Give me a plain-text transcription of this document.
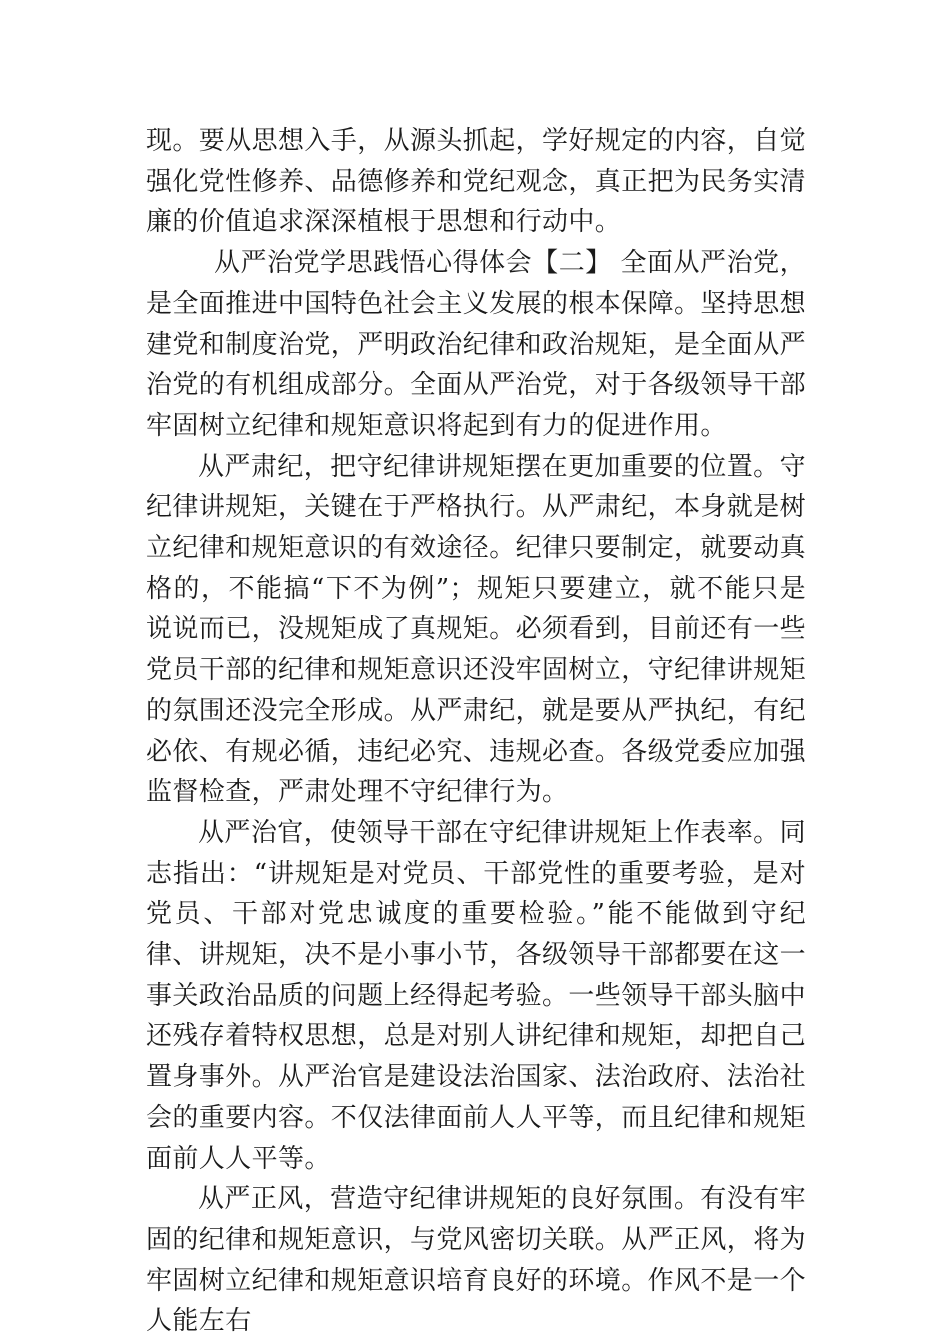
现。要从思想入手，从源头抓起，学好规定的内容，自觉强化党性修养、品德修养和党纪观念，真正把为民务实清廉的价值追求深深植根于思想和行动中。

从严治党学思践悟心得体会【二】 全面从严治党，是全面推进中国特色社会主义发展的根本保障。坚持思想建党和制度治党，严明政治纪律和政治规矩，是全面从严治党的有机组成部分。全面从严治党，对于各级领导干部牢固树立纪律和规矩意识将起到有力的促进作用。

从严肃纪，把守纪律讲规矩摆在更加重要的位置。守纪律讲规矩，关键在于严格执行。从严肃纪，本身就是树立纪律和规矩意识的有效途径。纪律只要制定，就要动真格的，不能搞“下不为例”；规矩只要建立，就不能只是说说而已，没规矩成了真规矩。必须看到，目前还有一些党员干部的纪律和规矩意识还没牢固树立，守纪律讲规矩的氛围还没完全形成。从严肃纪，就是要从严执纪，有纪必依、有规必循，违纪必究、违规必查。各级党委应加强监督检查，严肃处理不守纪律行为。

从严治官，使领导干部在守纪律讲规矩上作表率。同志指出：“讲规矩是对党员、干部党性的重要考验，是对党员、干部对党忠诚度的重要检验。”能不能做到守纪律、讲规矩，决不是小事小节，各级领导干部都要在这一事关政治品质的问题上经得起考验。一些领导干部头脑中还残存着特权思想，总是对别人讲纪律和规矩，却把自己置身事外。从严治官是建设法治国家、法治政府、法治社会的重要内容。不仅法律面前人人平等，而且纪律和规矩面前人人平等。

从严正风，营造守纪律讲规矩的良好氛围。有没有牢固的纪律和规矩意识，与党风密切关联。从严正风，将为牢固树立纪律和规矩意识培育良好的环境。作风不是一个人能左右
